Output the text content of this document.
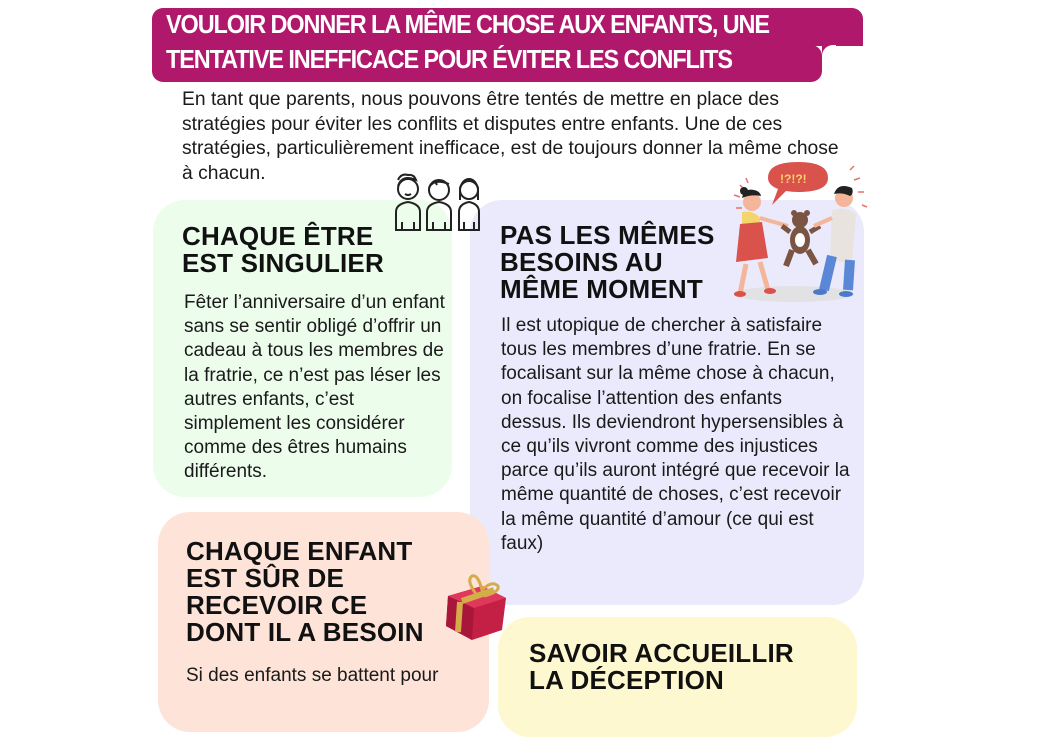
VOULOIR DONNER LA MÊME CHOSE AUX ENFANTS, UNE
TENTATIVE INEFFICACE POUR ÉVITER LES CONFLITS
En tant que parents, nous pouvons être tentés de mettre en place des stratégies pour éviter les conflits et disputes entre enfants. Une de ces stratégies, particulièrement inefficace, est de toujours donner la même chose à chacun.
PAS LES MÊMES
BESOINS AU
MÊME MOMENT

Il est utopique de chercher à satisfaire tous les membres d’une fratrie. En se focalisant sur la même chose à chacun, on focalise l’attention des enfants dessus. Ils deviendront hypersensibles à ce qu’ils vivront comme des injustices parce qu’ils auront intégré que recevoir la même quantité de choses, c’est recevoir la même quantité d’amour (ce qui est faux)

CHAQUE ÊTRE
EST SINGULIER

Fêter l’anniversaire d’un enfant sans se sentir obligé d’offrir un cadeau à tous les membres de la fratrie, ce n’est pas léser les autres enfants, c’est simplement les considérer comme des êtres humains différents.

CHAQUE ENFANT
EST SÛR DE
RECEVOIR CE
DONT IL A BESOIN

Si des enfants se battent pour

SAVOIR ACCUEILLIR
LA DÉCEPTION
!?!?!
